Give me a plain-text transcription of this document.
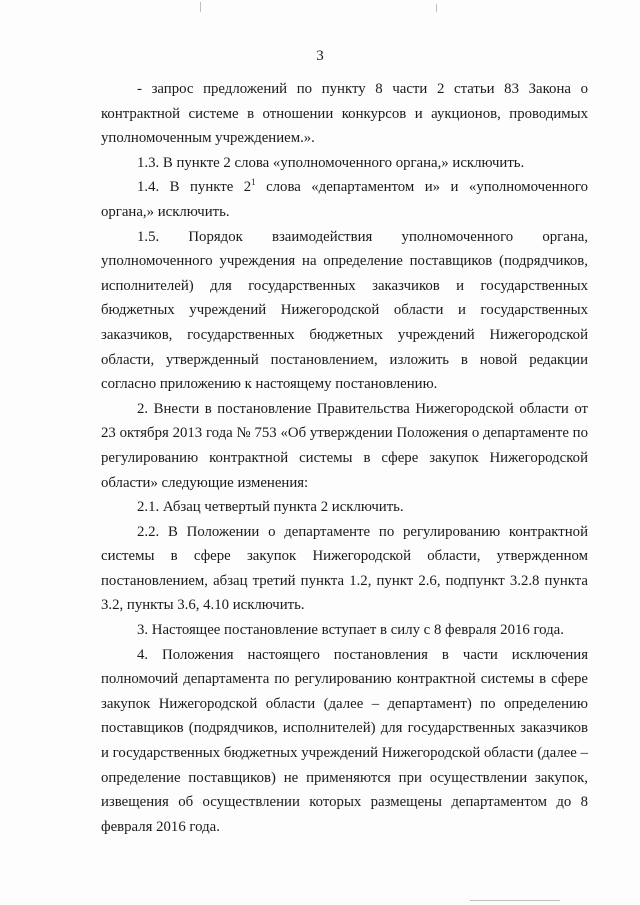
3

- запрос предложений по пункту 8 части 2 статьи 83 Закона о контрактной системе в отношении конкурсов и аукционов, проводимых уполномоченным учреждением.».

1.3. В пункте 2 слова «уполномоченного органа,» исключить.

1.4. В пункте $2^1$ слова «департаментом и» и «уполномоченного органа,» исключить.

1.5. Порядок взаимодействия уполномоченного органа, уполномоченного учреждения на определение поставщиков (подрядчиков, исполнителей) для государственных заказчиков и государственных бюджетных учреждений Нижегородской области и государственных заказчиков, государственных бюджетных учреждений Нижегородской области, утвержденный постановлением, изложить в новой редакции согласно приложению к настоящему постановлению.

2. Внести в постановление Правительства Нижегородской области от 23 октября 2013 года № 753 «Об утверждении Положения о департаменте по регулированию контрактной системы в сфере закупок Нижегородской области» следующие изменения:

2.1. Абзац четвертый пункта 2 исключить.

2.2. В Положении о департаменте по регулированию контрактной системы в сфере закупок Нижегородской области, утвержденном постановлением, абзац третий пункта 1.2, пункт 2.6, подпункт 3.2.8 пункта 3.2, пункты 3.6, 4.10 исключить.

3. Настоящее постановление вступает в силу с 8 февраля 2016 года.

4. Положения настоящего постановления в части исключения полномочий департамента по регулированию контрактной системы в сфере закупок Нижегородской области (далее – департамент) по определению поставщиков (подрядчиков, исполнителей) для государственных заказчиков и государственных бюджетных учреждений Нижегородской области (далее – определение поставщиков) не применяются при осуществлении закупок, извещения об осуществлении которых размещены департаментом до 8 февраля 2016 года.
